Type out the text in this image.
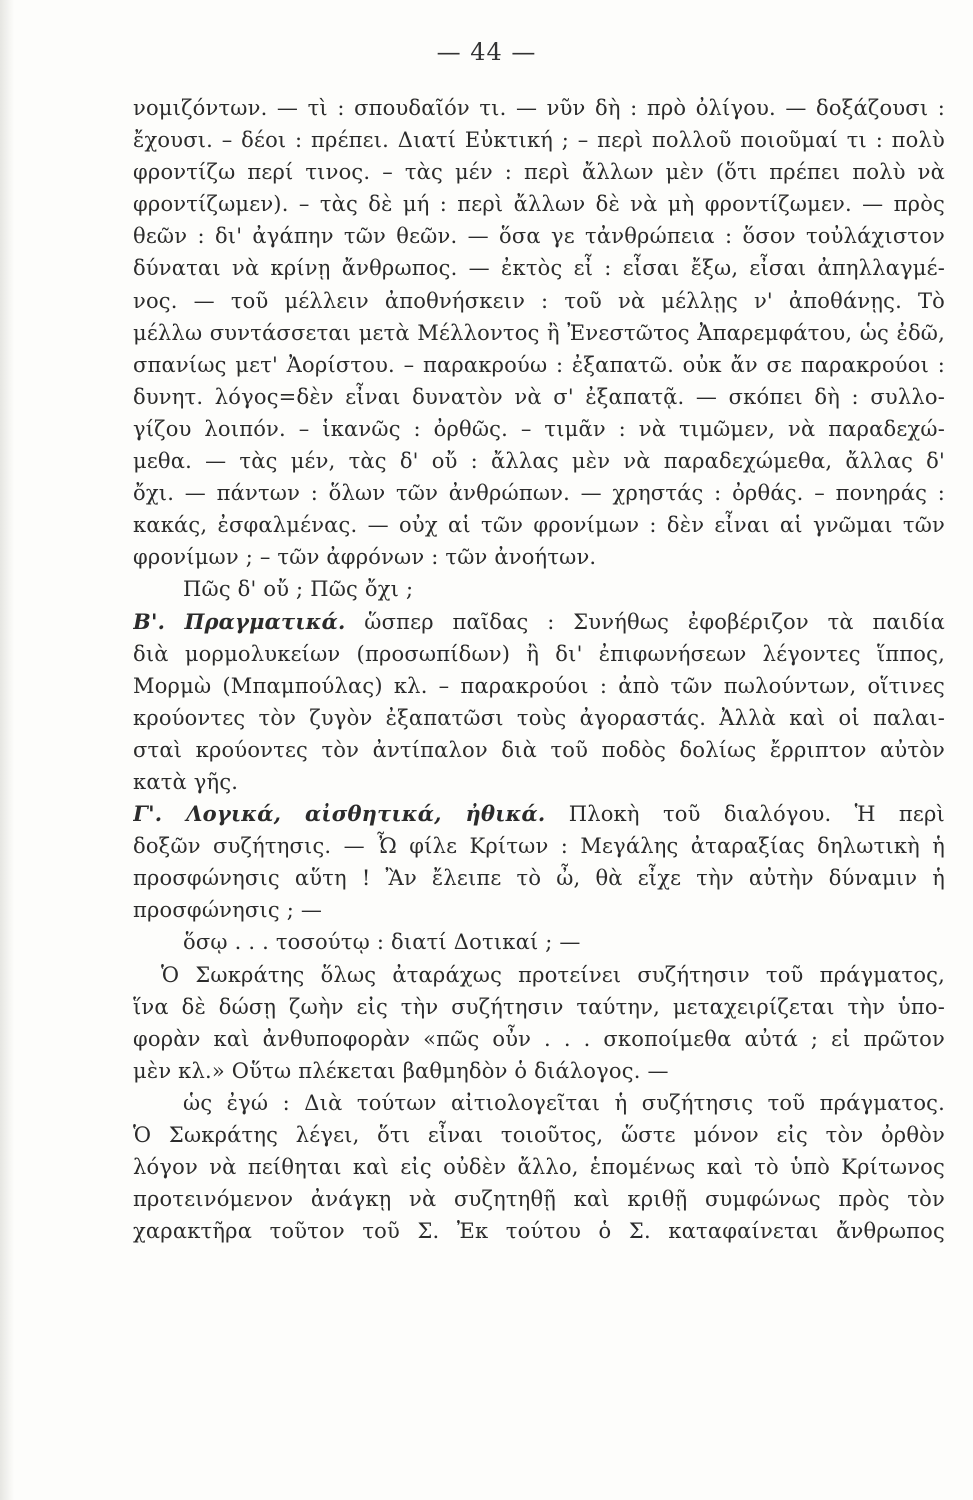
— 44 —
νομιζόντων. — τὶ : σπουδαῖόν τι. — νῦν δὴ : πρὸ ὀλίγου. — δοξάζουσι :
ἔχουσι. – δέοι : πρέπει. Διατί Εὐκτική ; – περὶ πολλοῦ ποιοῦμαί τι : πολὺ
φροντίζω περί τινος. – τὰς μέν : περὶ ἄλλων μὲν (ὅτι πρέπει πολὺ νὰ
φροντίζωμεν). – τὰς δὲ μή : περὶ ἄλλων δὲ νὰ μὴ φροντίζωμεν. — πρὸς
θεῶν : δι' ἀγάπην τῶν θεῶν. — ὅσα γε τἀνθρώπεια : ὅσον τοὐλάχιστον
δύναται νὰ κρίνῃ ἄνθρωπος. — ἐκτὸς εἶ : εἶσαι ἔξω, εἶσαι ἀπηλλαγμέ-
νος. — τοῦ μέλλειν ἀποθνήσκειν : τοῦ νὰ μέλλῃς ν' ἀποθάνῃς. Τὸ
μέλλω συντάσσεται μετὰ Μέλλοντος ἢ Ἐνεστῶτος Ἀπαρεμφάτου, ὡς ἐδῶ,
σπανίως μετ' Ἀορίστου. – παρακρούω : ἐξαπατῶ. οὐκ ἄν σε παρακρούοι :
δυνητ. λόγος=δὲν εἶναι δυνατὸν νὰ σ' ἐξαπατᾷ. — σκόπει δὴ : συλλο-
γίζου λοιπόν. – ἱκανῶς : ὀρθῶς. – τιμᾶν : νὰ τιμῶμεν, νὰ παραδεχώ-
μεθα. — τὰς μέν, τὰς δ' οὔ : ἄλλας μὲν νὰ παραδεχώμεθα, ἄλλας δ'
ὄχι. — πάντων : ὅλων τῶν ἀνθρώπων. — χρηστάς : ὀρθάς. – πονηράς :
κακάς, ἐσφαλμένας. — οὐχ αἱ τῶν φρονίμων : δὲν εἶναι αἱ γνῶμαι τῶν
φρονίμων ; – τῶν ἀφρόνων : τῶν ἀνοήτων.
Πῶς δ' οὔ ; Πῶς ὄχι ;
Β'. Πραγματικά. ὥσπερ παῖδας : Συνήθως ἐφοβέριζον τὰ παιδία
διὰ μορμολυκείων (προσωπίδων) ἢ δι' ἐπιφωνήσεων λέγοντες ἵππος,
Μορμὼ (Μπαμπούλας) κλ. – παρακρούοι : ἀπὸ τῶν πωλούντων, οἵτινες
κρούοντες τὸν ζυγὸν ἐξαπατῶσι τοὺς ἀγοραστάς. Ἀλλὰ καὶ οἱ παλαι-
σταὶ κρούοντες τὸν ἀντίπαλον διὰ τοῦ ποδὸς δολίως ἔρριπτον αὐτὸν
κατὰ γῆς.
Γ'. Λογικά, αἰσθητικά, ἠθικά. Πλοκὴ τοῦ διαλόγου. Ἡ περὶ
δοξῶν συζήτησις. — Ὦ φίλε Κρίτων : Μεγάλης ἀταραξίας δηλωτικὴ ἡ
προσφώνησις αὕτη ! Ἂν ἔλειπε τὸ ὦ, θὰ εἶχε τὴν αὐτὴν δύναμιν ἡ
προσφώνησις ; —
ὅσῳ . . . τοσούτῳ : διατί Δοτικαί ; —
Ὁ Σωκράτης ὅλως ἀταράχως προτείνει συζήτησιν τοῦ πράγματος,
ἵνα δὲ δώσῃ ζωὴν εἰς τὴν συζήτησιν ταύτην, μεταχειρίζεται τὴν ὑπο-
φορὰν καὶ ἀνθυποφορὰν «πῶς οὖν . . . σκοποίμεθα αὐτά ; εἰ πρῶτον
μὲν κλ.» Οὕτω πλέκεται βαθμηδὸν ὁ διάλογος. —
ὡς ἐγώ : Διὰ τούτων αἰτιολογεῖται ἡ συζήτησις τοῦ πράγματος.
Ὁ Σωκράτης λέγει, ὅτι εἶναι τοιοῦτος, ὥστε μόνον εἰς τὸν ὀρθὸν
λόγον νὰ πείθηται καὶ εἰς οὐδὲν ἄλλο, ἑπομένως καὶ τὸ ὑπὸ Κρίτωνος
προτεινόμενον ἀνάγκῃ νὰ συζητηθῇ καὶ κριθῇ συμφώνως πρὸς τὸν
χαρακτῆρα τοῦτον τοῦ Σ. Ἐκ τούτου ὁ Σ. καταφαίνεται ἄνθρωπος
